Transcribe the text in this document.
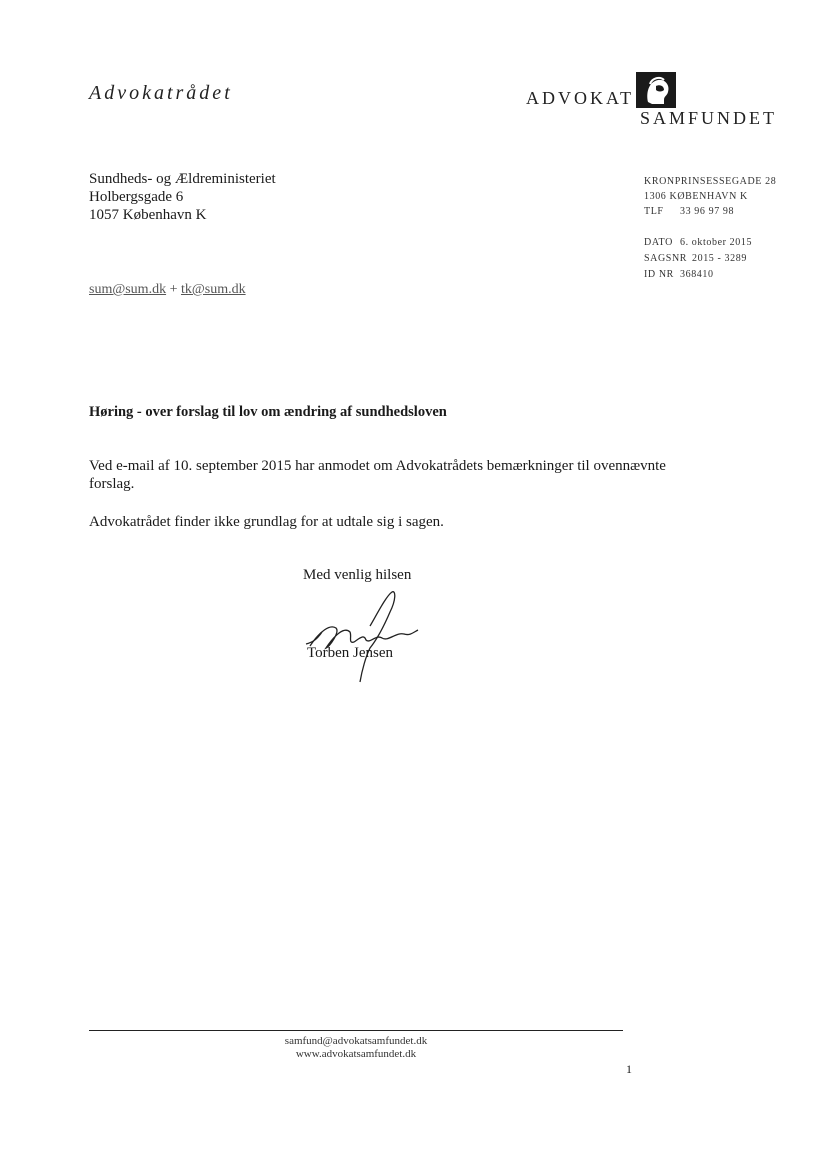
Advokatrådet	ADVOKAT
SAMFUNDET
Sundheds- og Ældreministeriet
Holbergsgade 6
1057 København K
KRONPRINSESSEGADE 28
1306 KØBENHAVN K
TLF 33 96 97 98
DATO 6. oktober 2015
SAGSNR 2015 - 3289
ID NR 368410
sum@sum.dk + tk@sum.dk
Høring - over forslag til lov om ændring af sundhedsloven

Ved e-mail af 10. september 2015 har anmodet om Advokatrådets bemærkninger til ovennævnte forslag.

Advokatrådet finder ikke grundlag for at udtale sig i sagen.

Med venlig hilsen
Torben Jensen
samfund@advokatsamfundet.dk
www.advokatsamfundet.dk
1
